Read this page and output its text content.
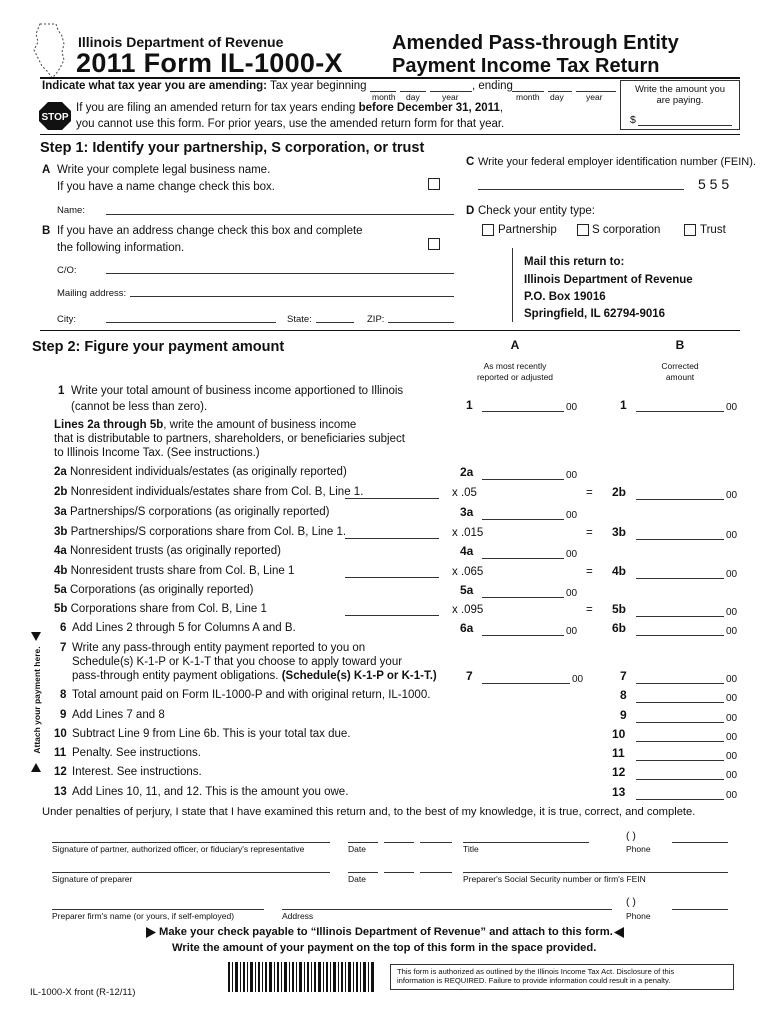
Illinois Department of Revenue
2011 Form IL-1000-X
Amended Pass-through Entity
Payment Income Tax Return
Indicate what tax year you are amending: Tax year beginning	, ending
month day	year	month day	year
STOP
If you are filing an amended return for tax years ending before December 31, 2011,
you cannot use this form. For prior years, use the amended return form for that year.
Write the amount you
are paying.
$
Step 1: Identify your partnership, S corporation, or trust
A Write your complete legal business name.
If you have a name change check this box.
Name:
B If you have an address change check this box and complete
the following information.
C/O:
Mailing address:
City:	State:	ZIP:
C Write your federal employer identification number (FEIN).
5 5 5
D Check your entity type:
Partnership	S corporation	Trust
Mail this return to:
Illinois Department of Revenue
P.O. Box 19016
Springfield, IL 62794-9016
Step 2: Figure your payment amount	A	B
As most recently
reported or adjusted
Corrected
amount
Attach your payment here.
1 Write your total amount of business income apportioned to Illinois
(cannot be less than zero).	1	00	1	00
Lines 2a through 5b, write the amount of business income
that is distributable to partners, shareholders, or beneficiaries subject
to Illinois Income Tax. (See instructions.)
2a Nonresident individuals/estates (as originally reported)	2a	00
2b Nonresident individuals/estates share from Col. B, Line 1.	x .05	= 2b	00
3a Partnerships/S corporations (as originally reported)	3a	00
3b Partnerships/S corporations share from Col. B, Line 1.	x .015	= 3b	00
4a Nonresident trusts (as originally reported)	4a	00
4b Nonresident trusts share from Col. B, Line 1	x .065	= 4b	00
5a Corporations (as originally reported)	5a	00
5b Corporations share from Col. B, Line 1	x .095	= 5b	00
6 Add Lines 2 through 5 for Columns A and B.	6a	00	6b	00
7 Write any pass-through entity payment reported to you on
Schedule(s) K-1-P or K-1-T that you choose to apply toward your
pass-through entity payment obligations. (Schedule(s) K-1-P or K-1-T.) 7	00	7	00
8 Total amount paid on Form IL-1000-P and with original return, IL-1000.	8	00
9 Add Lines 7 and 8	9	00
10 Subtract Line 9 from Line 6b. This is your total tax due.	10	00
11 Penalty. See instructions.	11	00
12 Interest. See instructions.	12	00
13 Add Lines 10, 11, and 12. This is the amount you owe.	13	00
Under penalties of perjury, I state that I have examined this return and, to the best of my knowledge, it is true, correct, and complete.
( )
Signature of partner, authorized officer, or fiduciary's representative	Date	Title	Phone
Signature of preparer	Date	Preparer's Social Security number or firm's FEIN
( )
Preparer firm's name (or yours, if self-employed)	Address	Phone
Make your check payable to “Illinois Department of Revenue” and attach to this form.
Write the amount of your payment on the top of this form in the space provided.
This form is authorized as outlined by the Illinois Income Tax Act. Disclosure of this
information is REQUIRED. Failure to provide information could result in a penalty.
IL-1000-X front (R-12/11)
